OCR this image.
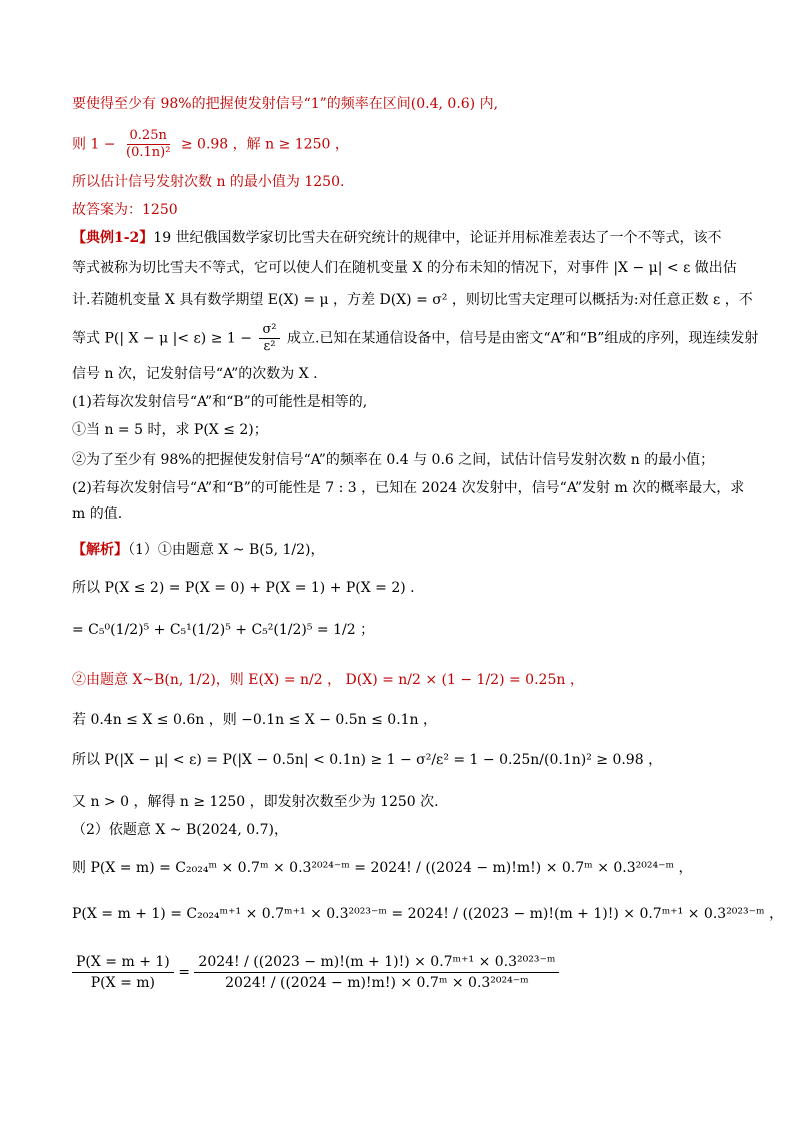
要使得至少有 98%的把握使发射信号“1”的频率在区间(0.4, 0.6) 内,
则 $1 - \frac{0.25n}{\text{(0.1n)²}} \ge 0.98$ ，解 n ≥ 1250 ，
所以估计信号发射次数 n 的最小值为 1250.
故答案为：1250
【典例1-2】19 世纪俄国数学家切比雪夫在研究统计的规律中，论证并用标准差表达了一个不等式，该不
等式被称为切比雪夫不等式，它可以使人们在随机变量 X 的分布未知的情况下，对事件 |X − μ| < ε 做出估
计.若随机变量 X 具有数学期望 E(X) = μ ，方差 D(X) = σ² ，则切比雪夫定理可以概括为:对任意正数 ε ，不
等式 P(| X − μ |< $\varepsilon) \ge 1 - \frac{\text{σ²}}{\text{ε²}}$ 成立.已知在某通信设备中，信号是由密文“A”和“B”组成的序列，现连续发射
信号 n 次，记发射信号“A”的次数为 X .
(1)若每次发射信号“A”和“B”的可能性是相等的,
①当 n = 5 时，求 P(X ≤ 2)；
②为了至少有 98%的把握使发射信号“A”的频率在 0.4 与 0.6 之间，试估计信号发射次数 n 的最小值；
(2)若每次发射信号“A”和“B”的可能性是 7 : 3 ，已知在 2024 次发射中，信号“A”发射 m 次的概率最大，求
m 的值.
【解析】（1）①由题意 X ~ B(5, 1/2)，
所以 P(X ≤ 2) = P(X = 0) + P(X = 1) + P(X = 2) .
= C₅⁰(1/2)⁵ + C₅¹(1/2)⁵ + C₅²(1/2)⁵ = 1/2 ；
②由题意 X~B(n, 1/2)，则 E(X) = n/2 ， D(X) = n/2 × (1 − 1/2) = 0.25n ，
若 0.4n ≤ X ≤ 0.6n ，则 −0.1n ≤ X − 0.5n ≤ 0.1n ，
所以 P(|X − μ| < ε) = P(|X − 0.5n| < 0.1n) ≥ 1 − σ²/ε² = 1 − 0.25n/(0.1n)² ≥ 0.98 ，
又 n > 0 ，解得 n ≥ 1250 ，即发射次数至少为 1250 次.
（2）依题意 X ~ B(2024, 0.7)，
则 P(X = m) = C₂₀₂₄ᵐ × 0.7ᵐ × 0.3²⁰²⁴⁻ᵐ = 2024! / ((2024 − m)!m!) × 0.7ᵐ × 0.3²⁰²⁴⁻ᵐ ，
P(X = m + 1) = C₂₀₂₄ᵐ⁺¹ × 0.7ᵐ⁺¹ × 0.3²⁰²³⁻ᵐ = 2024! / ((2023 − m)!(m + 1)!) × 0.7ᵐ⁺¹ × 0.3²⁰²³⁻ᵐ ，
$\frac{P(X = m + 1)}{P(X = m)} = \frac{\text{2024! / ((2023 − m)!(m + 1)!) × 0.7ᵐ⁺¹ × 0.3²⁰²³⁻ᵐ}}{\text{2024! / ((2024 − m)!m!) × 0.7ᵐ × 0.3²⁰²⁴⁻ᵐ}}$
